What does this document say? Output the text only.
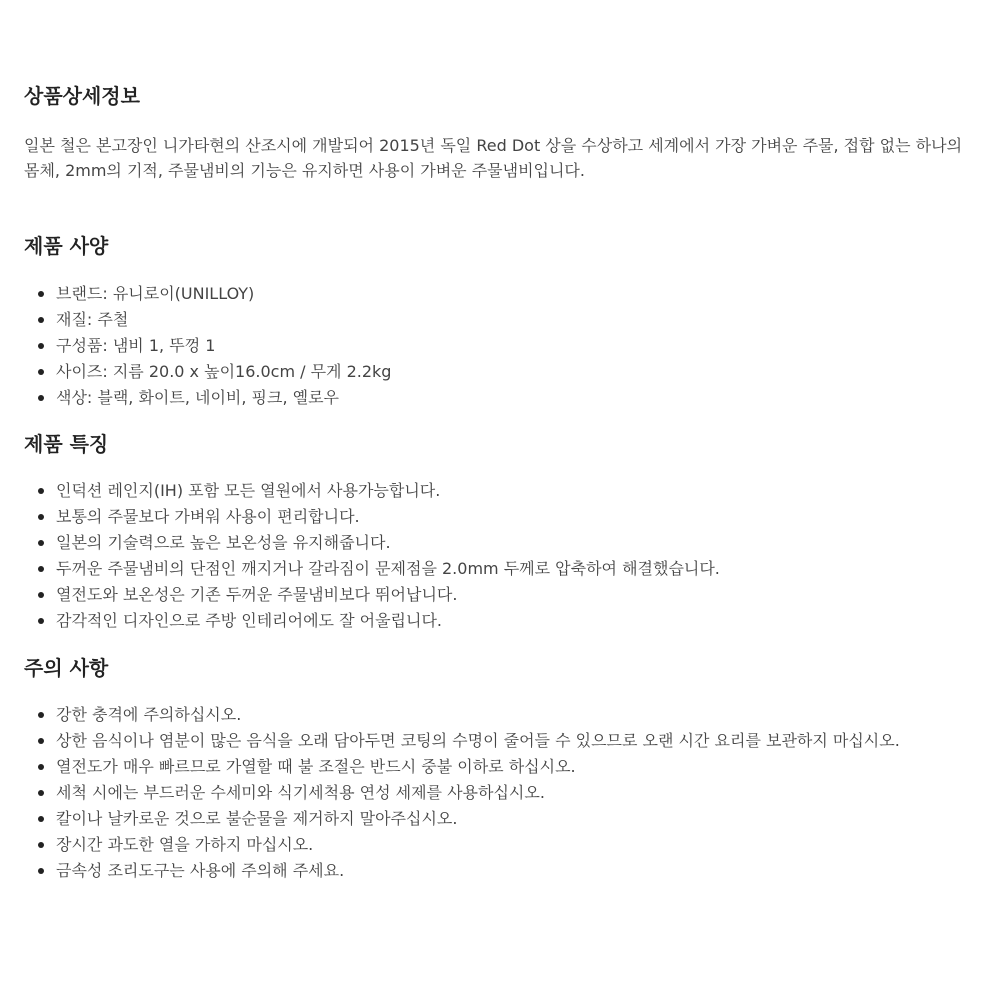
상품상세정보

일본 철은 본고장인 니가타현의 산조시에 개발되어 2015년 독일 Red Dot 상을 수상하고 세계에서 가장 가벼운 주물, 접합 없는 하나의 몸체, 2mm의 기적, 주물냄비의 기능은 유지하면 사용이 가벼운 주물냄비입니다.

제품 사양
브랜드: 유니로이(UNILLOY)
재질: 주철
구성품: 냄비 1, 뚜껑 1
사이즈: 지름 20.0 x 높이16.0cm / 무게 2.2kg
색상: 블랙, 화이트, 네이비, 핑크, 옐로우
제품 특징
인덕션 레인지(IH) 포함 모든 열원에서 사용가능합니다.
보통의 주물보다 가벼워 사용이 편리합니다.
일본의 기술력으로 높은 보온성을 유지해줍니다.
두꺼운 주물냄비의 단점인 깨지거나 갈라짐이 문제점을 2.0mm 두께로 압축하여 해결했습니다.
열전도와 보온성은 기존 두꺼운 주물냄비보다 뛰어납니다.
감각적인 디자인으로 주방 인테리어에도 잘 어울립니다.
주의 사항
강한 충격에 주의하십시오.
상한 음식이나 염분이 많은 음식을 오래 담아두면 코팅의 수명이 줄어들 수 있으므로 오랜 시간 요리를 보관하지 마십시오.
열전도가 매우 빠르므로 가열할 때 불 조절은 반드시 중불 이하로 하십시오.
세척 시에는 부드러운 수세미와 식기세척용 연성 세제를 사용하십시오.
칼이나 날카로운 것으로 불순물을 제거하지 말아주십시오.
장시간 과도한 열을 가하지 마십시오.
금속성 조리도구는 사용에 주의해 주세요.
